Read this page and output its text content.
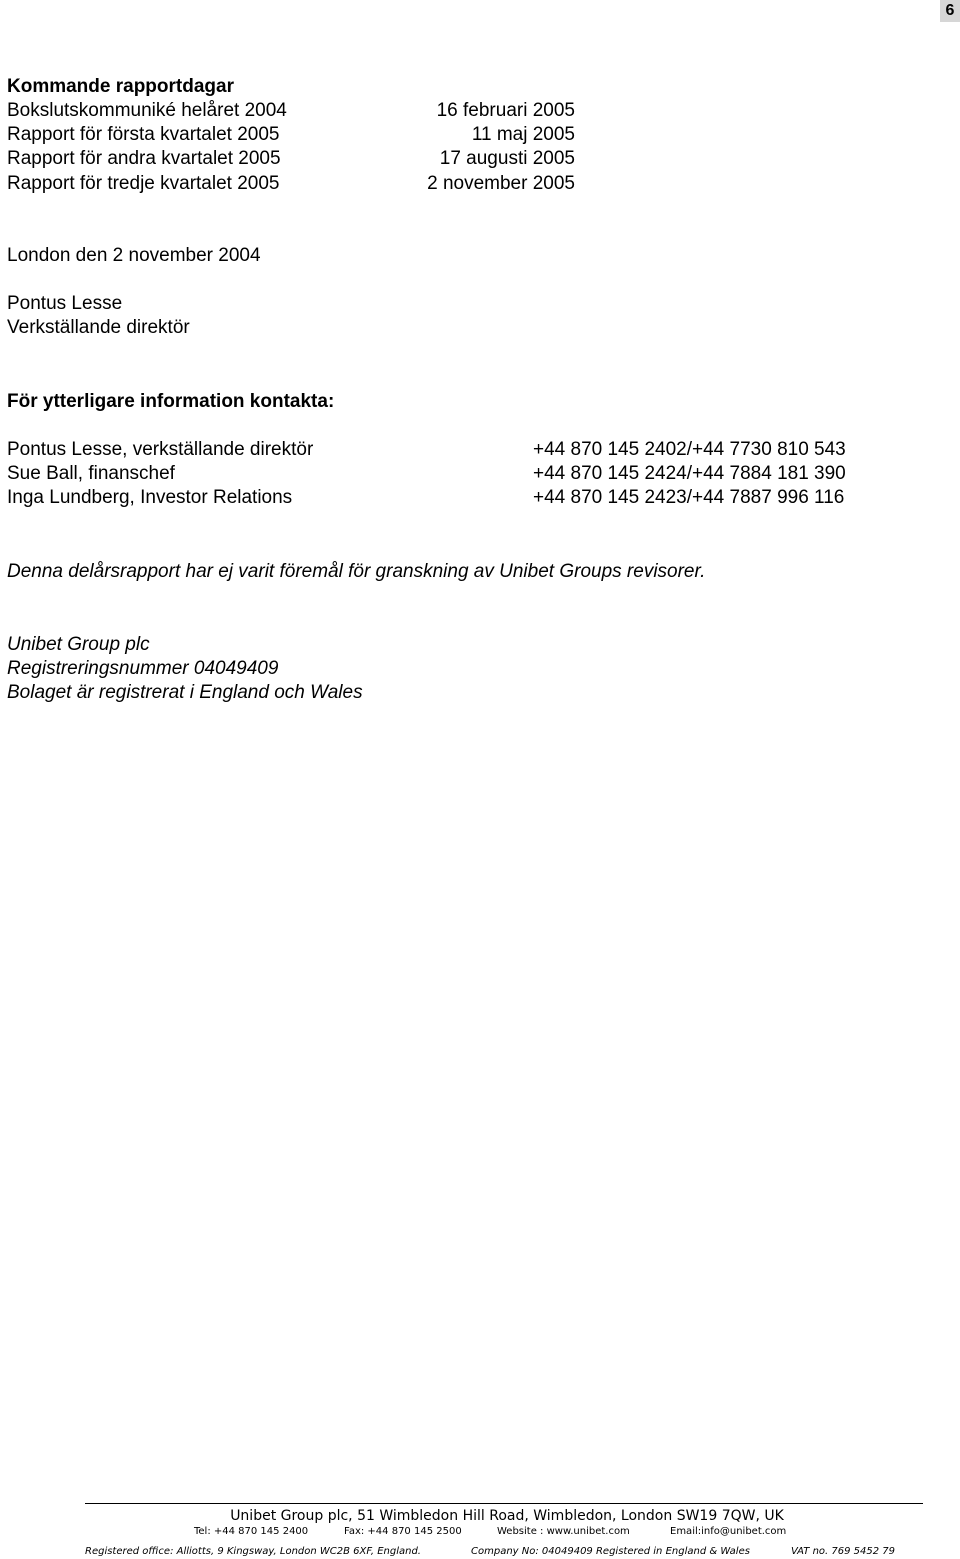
6
Kommande rapportdagar
Bokslutskommuniké helåret 2004	16 februari 2005
Rapport för första kvartalet 2005	11 maj 2005
Rapport för andra kvartalet 2005	17 augusti 2005
Rapport för tredje kvartalet 2005	2 november 2005
London den 2 november 2004
Pontus Lesse
Verkställande direktör
För ytterligare information kontakta:
Pontus Lesse, verkställande direktör	+44 870 145 2402/+44 7730 810 543
Sue Ball, finanschef	+44 870 145 2424/+44 7884 181 390
Inga Lundberg, Investor Relations	+44 870 145 2423/+44 7887 996 116
Denna delårsrapport har ej varit föremål för granskning av Unibet Groups revisorer.
Unibet Group plc
Registreringsnummer 04049409
Bolaget är registrerat i England och Wales
Unibet Group plc, 51 Wimbledon Hill Road, Wimbledon, London SW19 7QW, UK
Tel: +44 870 145 2400	Fax: +44 870 145 2500	Website : www.unibet.com	Email:info@unibet.com
Registered office: Alliotts, 9 Kingsway, London WC2B 6XF, England.	Company No: 04049409 Registered in England & Wales	VAT no. 769 5452 79
